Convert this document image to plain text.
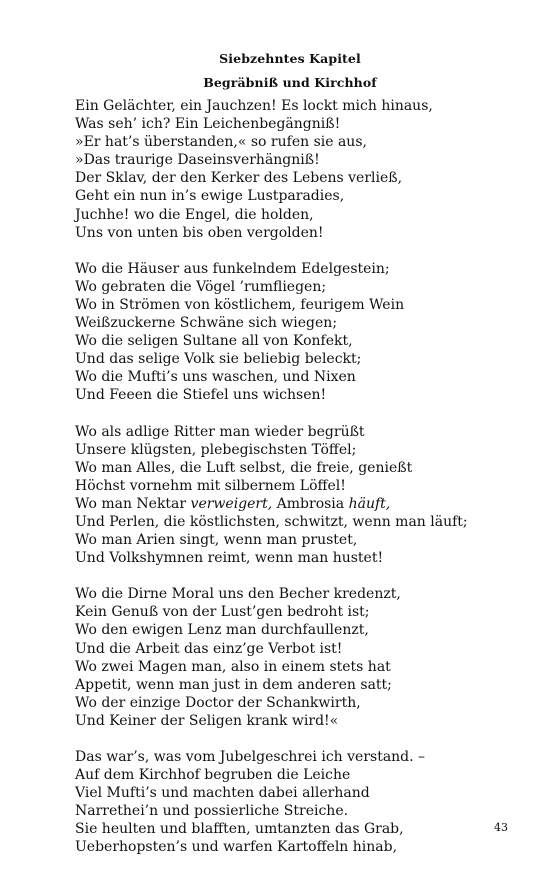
Siebzehntes Kapitel
Begräbniß und Kirchhof
Ein Gelächter, ein Jauchzen! Es lockt mich hinaus,
Was seh’ ich? Ein Leichenbegängniß!
»Er hat’s überstanden,« so rufen sie aus,
»Das traurige Daseinsverhängniß!
Der Sklav, der den Kerker des Lebens verließ,
Geht ein nun in’s ewige Lustparadies,
Juchhe! wo die Engel, die holden,
Uns von unten bis oben vergolden!
Wo die Häuser aus funkelndem Edelgestein;
Wo gebraten die Vögel ’rumfliegen;
Wo in Strömen von köstlichem, feurigem Wein
Weißzuckerne Schwäne sich wiegen;
Wo die seligen Sultane all von Konfekt,
Und das selige Volk sie beliebig beleckt;
Wo die Mufti’s uns waschen, und Nixen
Und Feeen die Stiefel uns wichsen!
Wo als adlige Ritter man wieder begrüßt
Unsere klügsten, plebegischsten Töffel;
Wo man Alles, die Luft selbst, die freie, genießt
Höchst vornehm mit silbernem Löffel!
Wo man Nektar verweigert, Ambrosia häuft,
Und Perlen, die köstlichsten, schwitzt, wenn man läuft;
Wo man Arien singt, wenn man prustet,
Und Volkshymnen reimt, wenn man hustet!
Wo die Dirne Moral uns den Becher kredenzt,
Kein Genuß von der Lust’gen bedroht ist;
Wo den ewigen Lenz man durchfaullenzt,
Und die Arbeit das einz’ge Verbot ist!
Wo zwei Magen man, also in einem stets hat
Appetit, wenn man just in dem anderen satt;
Wo der einzige Doctor der Schankwirth,
Und Keiner der Seligen krank wird!«
Das war’s, was vom Jubelgeschrei ich verstand. –
Auf dem Kirchhof begruben die Leiche
Viel Mufti’s und machten dabei allerhand
Narrethei’n und possierliche Streiche.
Sie heulten und blafften, umtanzten das Grab,
Ueberhopsten’s und warfen Kartoffeln hinab,
43
